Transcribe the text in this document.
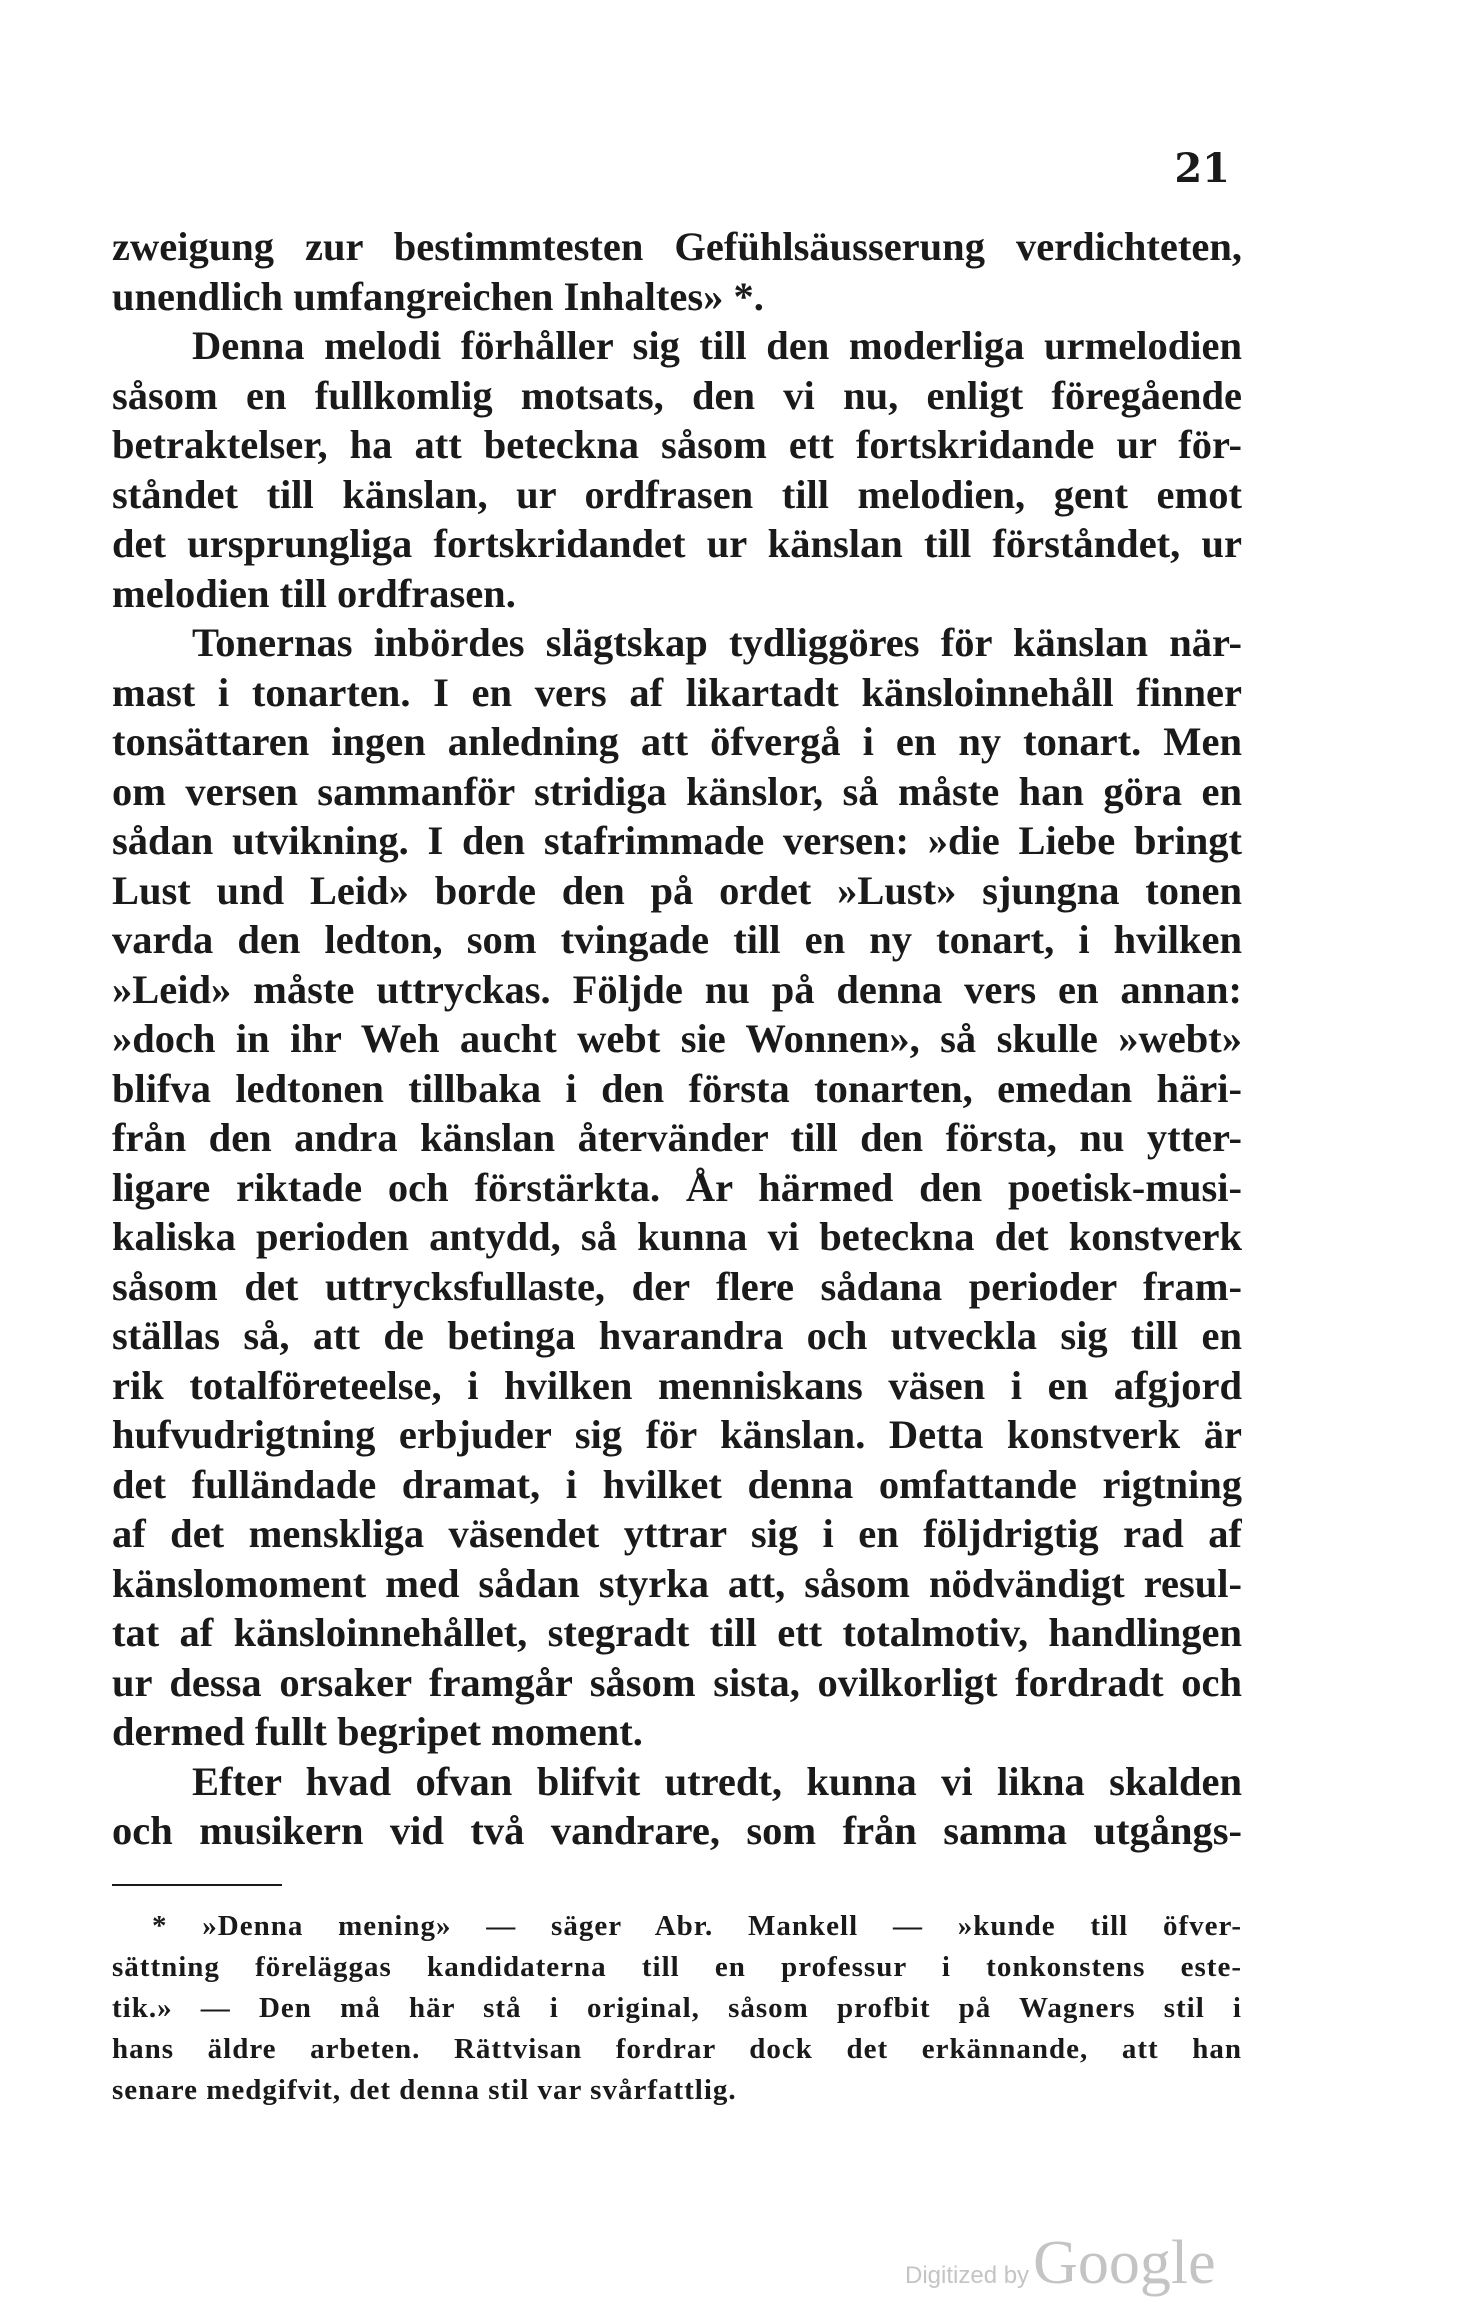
21
zweigung zur bestimmtesten Gefühlsäusserung verdichteten,
unendlich umfangreichen Inhaltes» *.
Denna melodi förhåller sig till den moderliga urmelodien
såsom en fullkomlig motsats, den vi nu, enligt föregående
betraktelser, ha att beteckna såsom ett fortskridande ur för-
ståndet till känslan, ur ordfrasen till melodien, gent emot
det ursprungliga fortskridandet ur känslan till förståndet, ur
melodien till ordfrasen.
Tonernas inbördes slägtskap tydliggöres för känslan när-
mast i tonarten. I en vers af likartadt känsloinnehåll finner
tonsättaren ingen anledning att öfvergå i en ny tonart. Men
om versen sammanför stridiga känslor, så måste han göra en
sådan utvikning. I den stafrimmade versen: »die Liebe bringt
Lust und Leid» borde den på ordet »Lust» sjungna tonen
varda den ledton, som tvingade till en ny tonart, i hvilken
»Leid» måste uttryckas. Följde nu på denna vers en annan:
»doch in ihr Weh aucht webt sie Wonnen», så skulle »webt»
blifva ledtonen tillbaka i den första tonarten, emedan häri-
från den andra känslan återvänder till den första, nu ytter-
ligare riktade och förstärkta. År härmed den poetisk-musi-
kaliska perioden antydd, så kunna vi beteckna det konstverk
såsom det uttrycksfullaste, der flere sådana perioder fram-
ställas så, att de betinga hvarandra och utveckla sig till en
rik totalföreteelse, i hvilken menniskans väsen i en afgjord
hufvudrigtning erbjuder sig för känslan. Detta konstverk är
det fulländade dramat, i hvilket denna omfattande rigtning
af det menskliga väsendet yttrar sig i en följdrigtig rad af
känslomoment med sådan styrka att, såsom nödvändigt resul-
tat af känsloinnehållet, stegradt till ett totalmotiv, handlingen
ur dessa orsaker framgår såsom sista, ovilkorligt fordradt och
dermed fullt begripet moment.
Efter hvad ofvan blifvit utredt, kunna vi likna skalden
och musikern vid två vandrare, som från samma utgångs-
* »Denna mening» — säger Abr. Mankell — »kunde till öfver-
sättning föreläggas kandidaterna till en professur i tonkonstens este-
tik.» — Den må här stå i original, såsom profbit på Wagners stil i
hans äldre arbeten. Rättvisan fordrar dock det erkännande, att han
senare medgifvit, det denna stil var svårfattlig.
Digitized by Google
